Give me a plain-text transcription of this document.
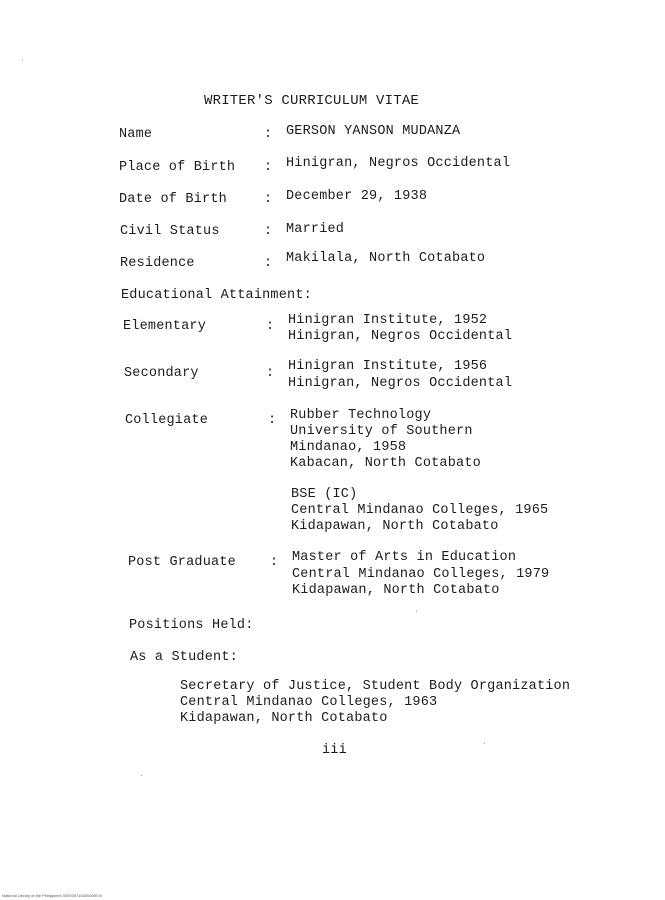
WRITER'S CURRICULUM VITAE
Name	: GERSON YANSON MUDANZA
Place of Birth : Hinigran, Negros Occidental
Date of Birth	: December 29, 1938
Civil Status	: Married
Residence	: Makilala, North Cotabato
Educational Attainment:
Elementary	: Hinigran Institute, 1952
Hinigran, Negros Occidental
Secondary	: Hinigran Institute, 1956
Hinigran, Negros Occidental
Collegiate	: Rubber Technology
University of Southern
Mindanao, 1958
Kabacan, North Cotabato
BSE (IC)
Central Mindanao Colleges, 1965
Kidapawan, North Cotabato
Post Graduate	: Master of Arts in Education
Central Mindanao Colleges, 1979
Kidapawan, North Cotabato
Positions Held:
As a Student:
Secretary of Justice, Student Body Organization
Central Mindanao Colleges, 1963
Kidapawan, North Cotabato
iii
National Library of the Philippines 0000007163000000 iii
